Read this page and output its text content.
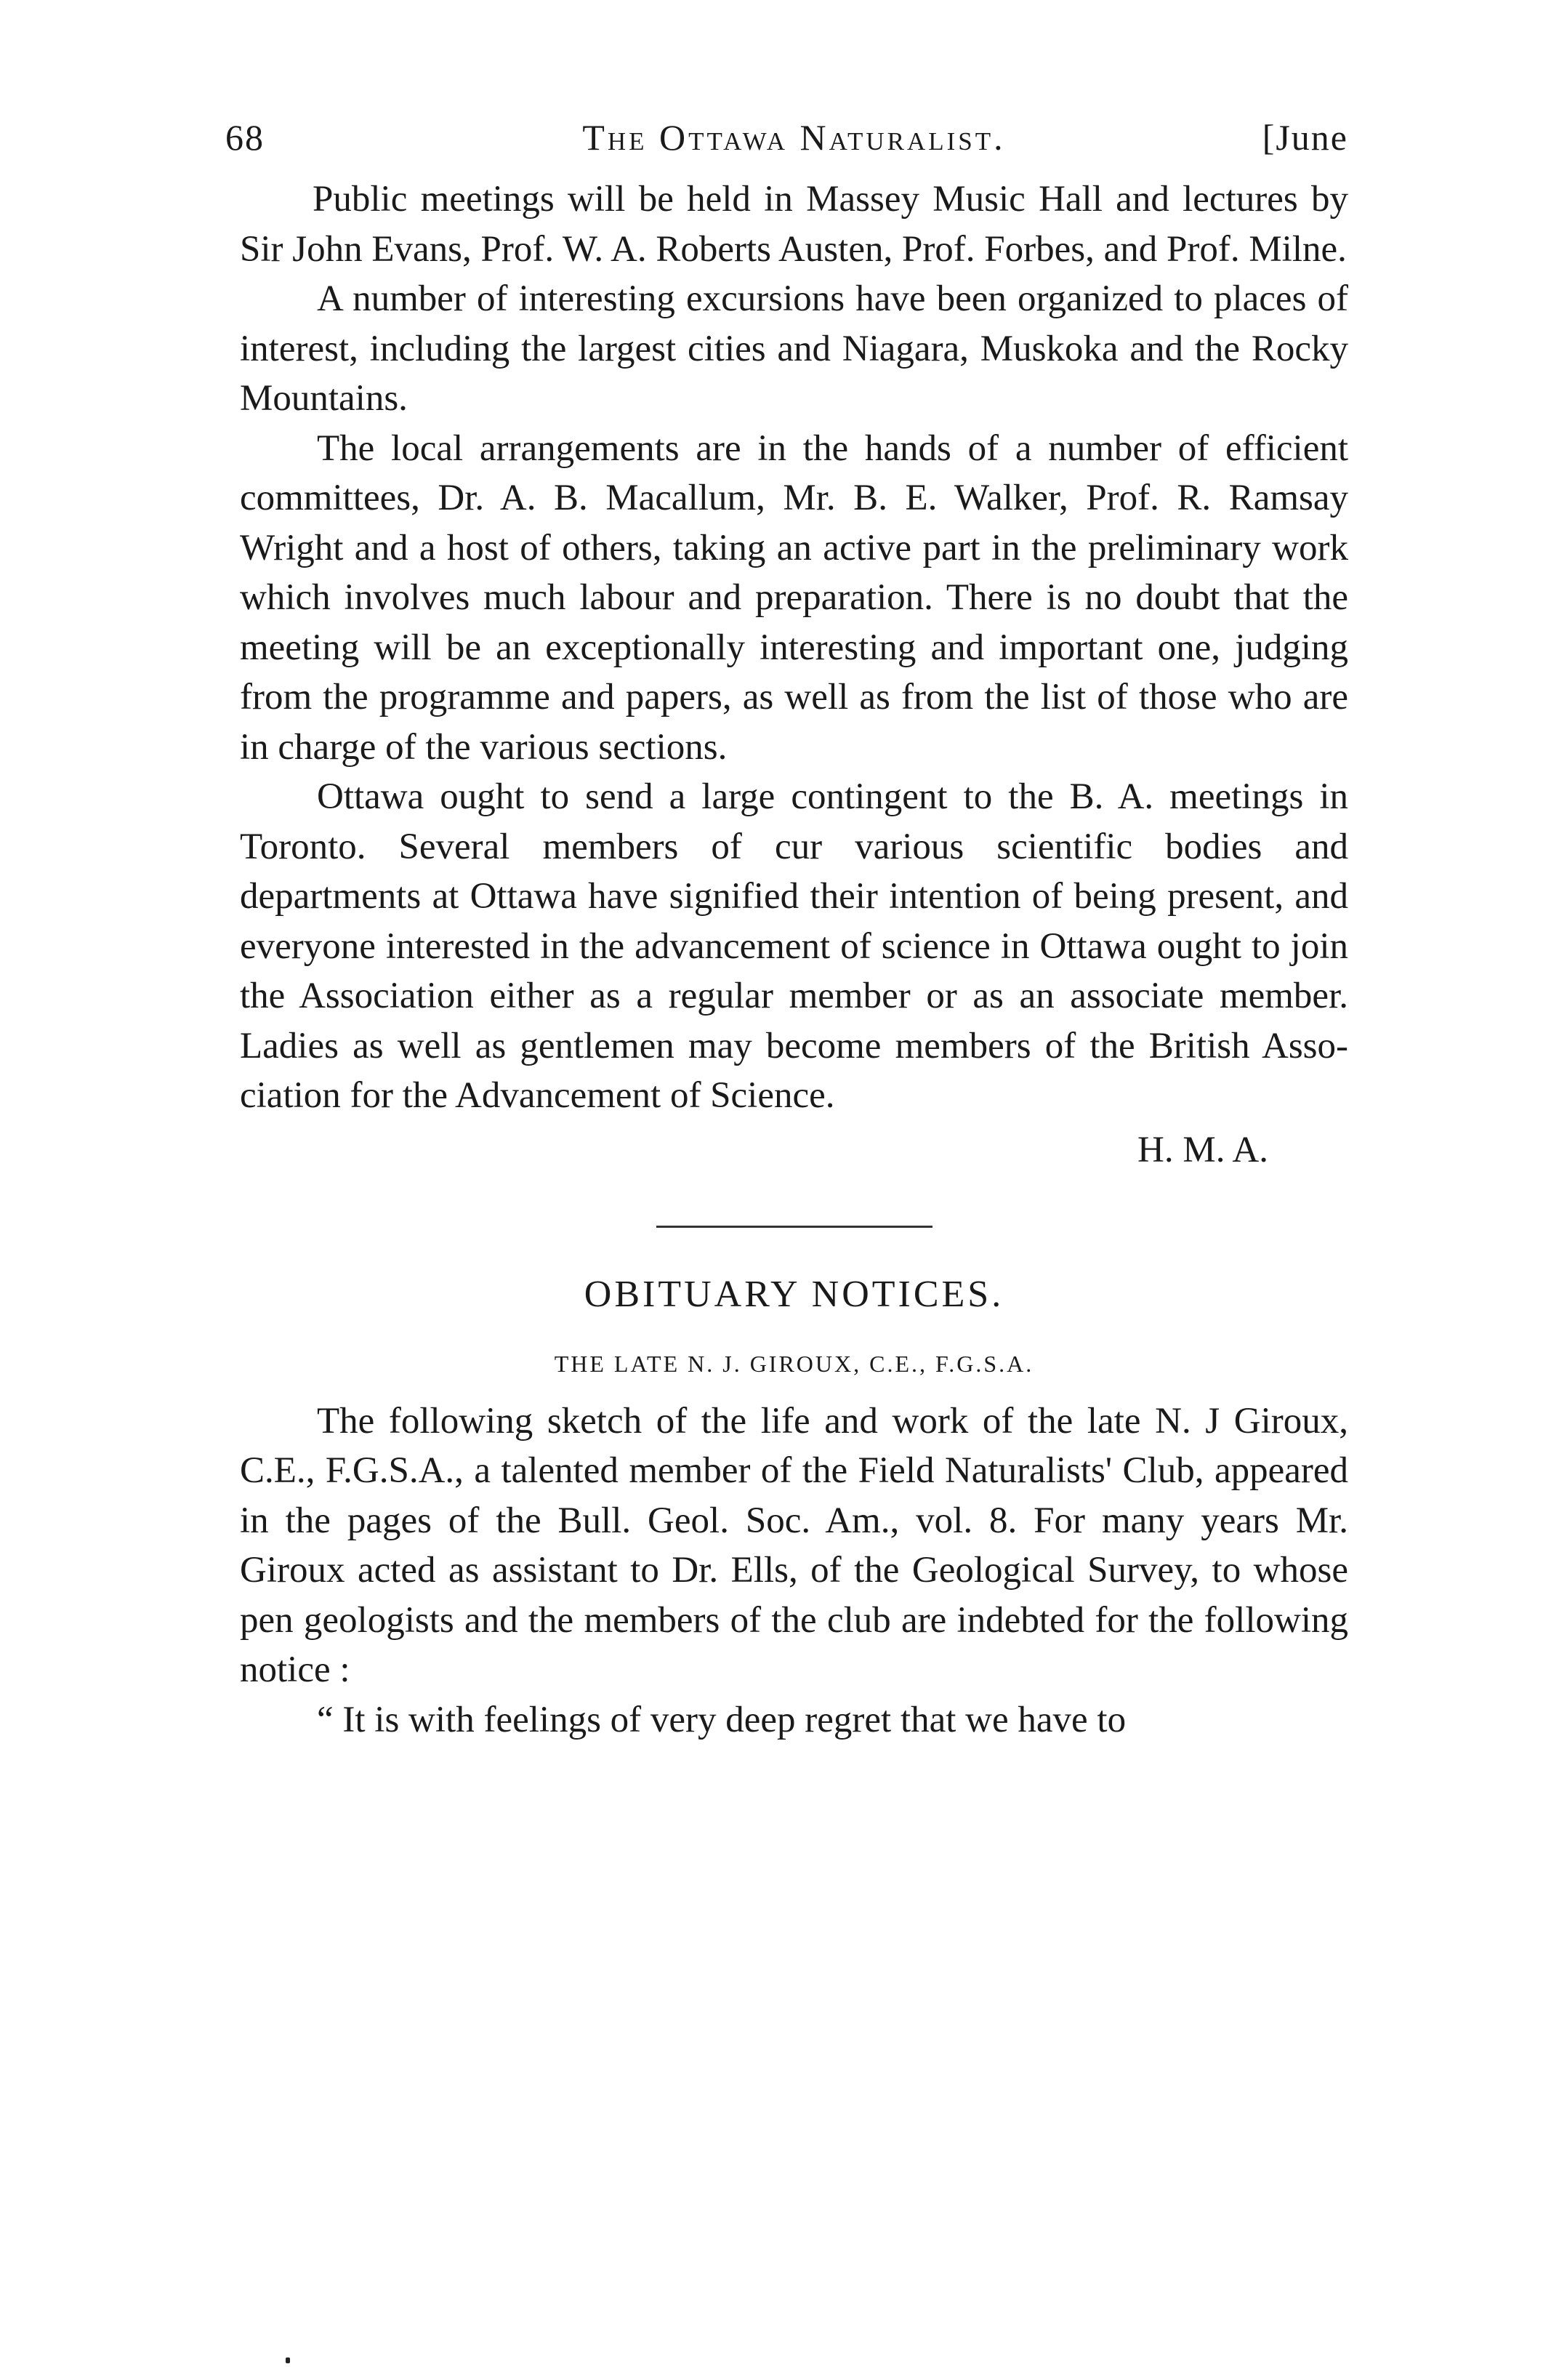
68	The Ottawa Naturalist.	[June

Public meetings will be held in Massey Music Hall and lectures by Sir John Evans, Prof. W. A. Roberts Austen, Prof. Forbes, and Prof. Milne.

A number of interesting excursions have been organized to places of interest, including the largest cities and Niagara, Muskoka and the Rocky Mountains.

The local arrangements are in the hands of a number of efficient committees, Dr. A. B. Macallum, Mr. B. E. Walker, Prof. R. Ramsay Wright and a host of others, taking an active part in the preliminary work which involves much labour and preparation. There is no doubt that the meeting will be an exceptionally interesting and important one, judging from the programme and papers, as well as from the list of those who are in charge of the various sections.

Ottawa ought to send a large contingent to the B. A. meetings in Toronto. Several members of cur various scientific bodies and departments at Ottawa have signified their intention of being present, and everyone interested in the advancement of science in Ottawa ought to join the Association either as a regular member or as an associate member. Ladies as well as gentlemen may become members of the British Association for the Advancement of Science.

H. M. A.

OBITUARY NOTICES.
THE LATE N. J. GIROUX, C.E., F.G.S.A.

The following sketch of the life and work of the late N. J Giroux, C.E., F.G.S.A., a talented member of the Field Naturalists' Club, appeared in the pages of the Bull. Geol. Soc. Am., vol. 8. For many years Mr. Giroux acted as assistant to Dr. Ells, of the Geological Survey, to whose pen geologists and the members of the club are indebted for the following notice :

“ It is with feelings of very deep regret that we have to
